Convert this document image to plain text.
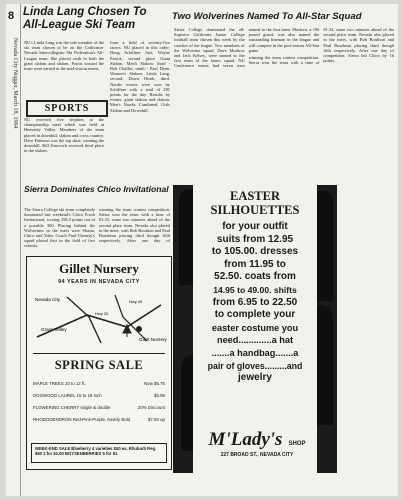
8
Nevada City Nugget, March 18, 1964
Linda Lang Chosen To All-League Ski Team

NU's Linda Lang was the sole member of the ski team chosen to be on the California-Nevada Intercollegiate Ski Federation's All-League team. She placed sixth in both the giant slalom and slalom. Points toward the team were earned in the mid-season meets.

SPORTS

NU received five trophies at the championship meet which was held at Heavenly Valley. Members of the team placed in downhill, slalom and cross country. Dave Paterson was the top skier, winning the downhill. Bill Zenovich received third place in the slalom.

from a field of seventy-five racers. NU placed in this order: Doug Schiffner first, Wayne Pezick, second place Giant Slalom. Men's Slalom: third - Bob Chalfin; ninth - Paul Dean. Women's Slalom: Linda Lang, second; Dawn Heath, third. Nordic events were won by Schiffner with a total of 281 points for the day. Results by events: giant slalom and slalom. Men's Nordic Combined, Girls Slalom and Downhill.

Two Wolverines Named To All-Star Squad

Sierra College dominated the all-Superior California Junior College football team chosen this week by the coaches of the league. Two members of the Wolverine squad, Dave Mudrow and Jack Kelsey, were named to the first team of the honor squad. NU Conference teams had seven men named to the first team. Mudrow, a 196 pound guard, was also named the outstanding lineman in the league and will compete in the post-season All-Star game.

winning the team contest competition. Sierra won the team with a time of 81.33, some two minutes ahead of the second place team. Nevada also placed in the meet, with Bob Boultton and Paul Boudreau placing third though fifth respectively. After one day of competition, Sierra led Chico by 16 points.

Sierra Dominates Chico Invitational

The Sierra College ski team completely dominated last weekend's Chico Frosh Invitational, scoring 296.3 points out of a possible 300. Placing behind the Wolverines in the meet were Shasta, Chico and Yuba. Coach Paul Chenery's squad placed first in the field of five schools.

winning the team contest competition. Sierra won the team with a time of 81.33, some two minutes ahead of the second place team. Nevada also placed in the meet, with Bob Boultton and Paul Boudreau placing third though fifth respectively. After one day of

Gillet Nursery
94 YEARS IN NEVADA CITY
Nevada City
Grass Valley
Gillet Nursery
Hwy 20
Hwy 49
SPRING SALE
MAPLE TREES 10 to 12 ft.	Now $5.75
DOGWOOD LAUREL 15 to 18 inch	$2.95
FLOWERING CHERRY single & double	20% Discount
RHODODENDRON Red-Pink-Purple, Nearly Bold	$7.50 up
WEEK-END SALE Blueberry 4 varieties $50 ea. Rhubarb Reg. $60 1 for $1.00 BOYSENBERRIES 5 for $1
EASTER SILHOUETTES
for your outfit
suits from 12.95
to 105.00. dresses
from 11.95 to
52.50. coats from
14.95 to 49.00. shifts
from 6.95 to 22.50
to complete your
easter costume you
need.............a hat
.......a handbag.......a
pair of gloves.........and
jewelry
M'Lady's SHOP
227 BROAD ST., NEVADA CITY
